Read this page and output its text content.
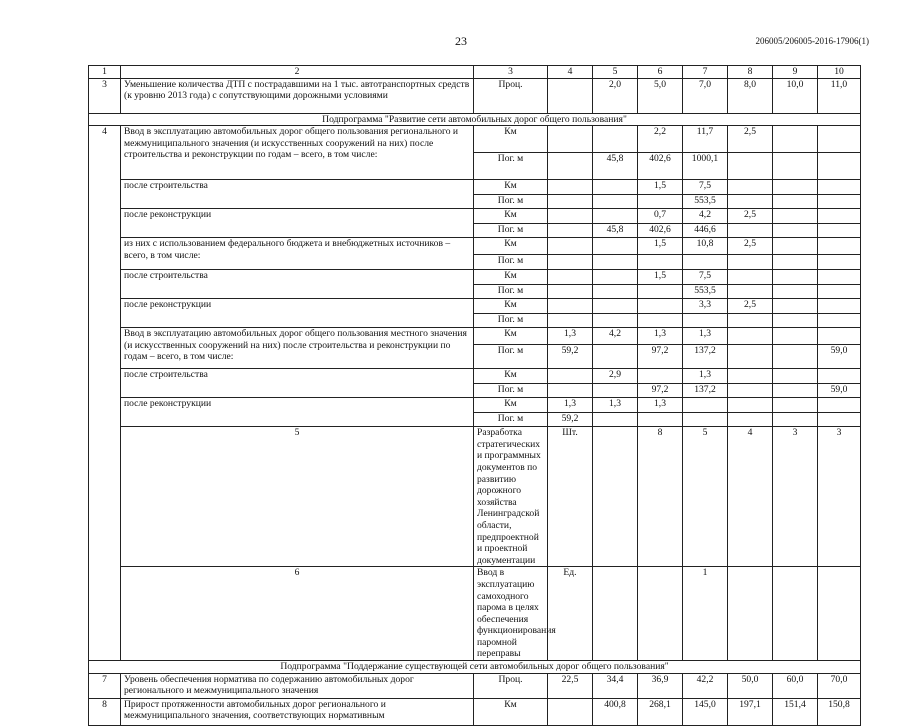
23	206005/206005-2016-17906(1)
1	2	3	4	5	6	7	8	9	10	
3	Уменьшение количества ДТП с пострадавшими на 1 тыс. автотранспортных средств (к уровню 2013 года) с сопутствующими дорожными условиями	Проц.		2,0	5,0	7,0	8,0	10,0	11,0	
Подпрограмма "Развитие сети автомобильных дорог общего пользования"										
4	Ввод в эксплуатацию автомобильных дорог общего пользования регионального и межмуниципального значения (и искусственных сооружений на них) после строительства и реконструкции по годам – всего, в том числе:	Км			2,2	11,7	2,5			
		Пог. м		45,8	402,6	1000,1				
	после строительства	Км			1,5	7,5				
		Пог. м				553,5				
	после реконструкции	Км			0,7	4,2	2,5			
		Пог. м		45,8	402,6	446,6				
	из них с использованием федерального бюджета и внебюджетных источников – всего, в том числе:	Км			1,5	10,8	2,5			
		Пог. м								
	после строительства	Км			1,5	7,5				
		Пог. м				553,5				
	после реконструкции	Км				3,3	2,5			
		Пог. м								
	Ввод в эксплуатацию автомобильных дорог общего пользования местного значения (и искусственных сооружений на них) после строительства и реконструкции по годам – всего, в том числе:	Км	1,3	4,2	1,3	1,3				
		Пог. м	59,2		97,2	137,2			59,0	
	после строительства	Км		2,9		1,3				
		Пог. м			97,2	137,2			59,0	
	после реконструкции	Км	1,3	1,3	1,3					
		Пог. м	59,2							
	5	Разработка стратегических и программных документов по развитию дорожного хозяйства Ленинградской области, предпроектной и проектной документации	Шт.		8	5	4	3	3	
	6	Ввод в эксплуатацию самоходного парома в целях обеспечения функционирования паромной переправы	Ед.			1				
Подпрограмма "Поддержание существующей сети автомобильных дорог общего пользования"										
7	Уровень обеспечения норматива по содержанию автомобильных дорог регионального и межмуниципального значения	Проц.	22,5	34,4	36,9	42,2	50,0	60,0	70,0	
8	Прирост протяженности автомобильных дорог регионального и межмуниципального значения, соответствующих нормативным	Км		400,8	268,1	145,0	197,1	151,4	150,8	
